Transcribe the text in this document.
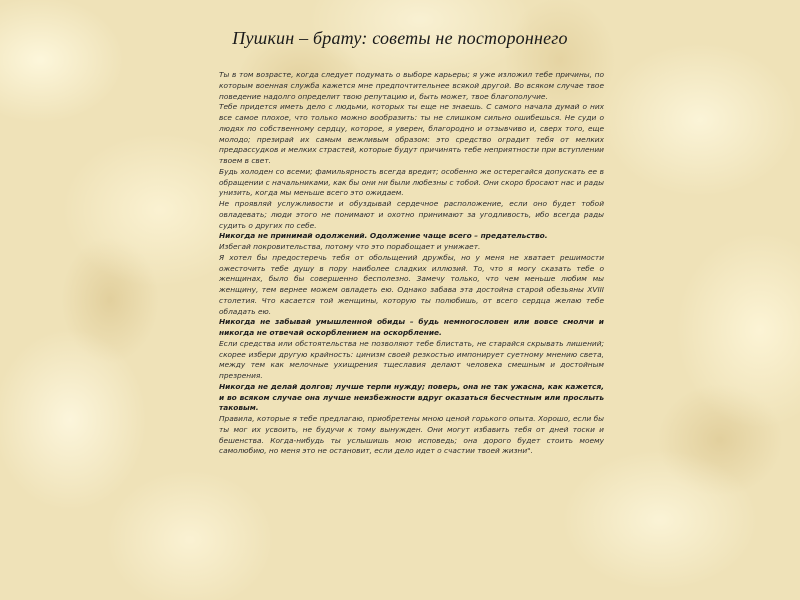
Пушкин – брату: советы не постороннего

Ты в том возрасте, когда следует подумать о выборе карьеры; я уже изложил тебе причины, по которым военная служба кажется мне предпочтительнее всякой другой. Во всяком случае твое поведение надолго определит твою репутацию и, быть может, твое благополучие.

Тебе придется иметь дело с людьми, которых ты еще не знаешь. С самого начала думай о них все самое плохое, что только можно вообразить: ты не слишком сильно ошибешься. Не суди о людях по собственному сердцу, которое, я уверен, благородно и отзывчиво и, сверх того, еще молодо; презирай их самым вежливым образом: это средство оградит тебя от мелких предрассудков и мелких страстей, которые будут причинять тебе неприятности при вступлении твоем в свет.

Будь холоден со всеми; фамильярность всегда вредит; особенно же остерегайся допускать ее в обращении с начальниками, как бы они ни были любезны с тобой. Они скоро бросают нас и рады унизить, когда мы меньше всего это ожидаем.

Не проявляй услужливости и обуздывай сердечное расположение, если оно будет тобой овладевать; люди этого не понимают и охотно принимают за угодливость, ибо всегда рады судить о других по себе.

Никогда не принимай одолжений. Одолжение чаще всего – предательство.

Избегай покровительства, потому что это порабощает и унижает.

Я хотел бы предостеречь тебя от обольщений дружбы, но у меня не хватает решимости ожесточить тебе душу в пору наиболее сладких иллюзий. То, что я могу сказать тебе о женщинах, было бы совершенно бесполезно. Замечу только, что чем меньше любим мы женщину, тем вернее можем овладеть ею. Однако забава эта достойна старой обезьяны XVIII столетия. Что касается той женщины, которую ты полюбишь, от всего сердца желаю тебе обладать ею.

Никогда не забывай умышленной обиды – будь немногословен или вовсе смолчи и никогда не отвечай оскорблением на оскорбление.

Если средства или обстоятельства не позволяют тебе блистать, не старайся скрывать лишений; скорее избери другую крайность: цинизм своей резкостью импонирует суетному мнению света, между тем как мелочные ухищрения тщеславия делают человека смешным и достойным презрения.

Никогда не делай долгов; лучше терпи нужду; поверь, она не так ужасна, как кажется, и во всяком случае она лучше неизбежности вдруг оказаться бесчестным или прослыть таковым.

Правила, которые я тебе предлагаю, приобретены мною ценой горького опыта. Хорошо, если бы ты мог их усвоить, не будучи к тому вынужден. Они могут избавить тебя от дней тоски и бешенства. Когда-нибудь ты услышишь мою исповедь; она дорого будет стоить моему самолюбию, но меня это не остановит, если дело идет о счастии твоей жизни".
